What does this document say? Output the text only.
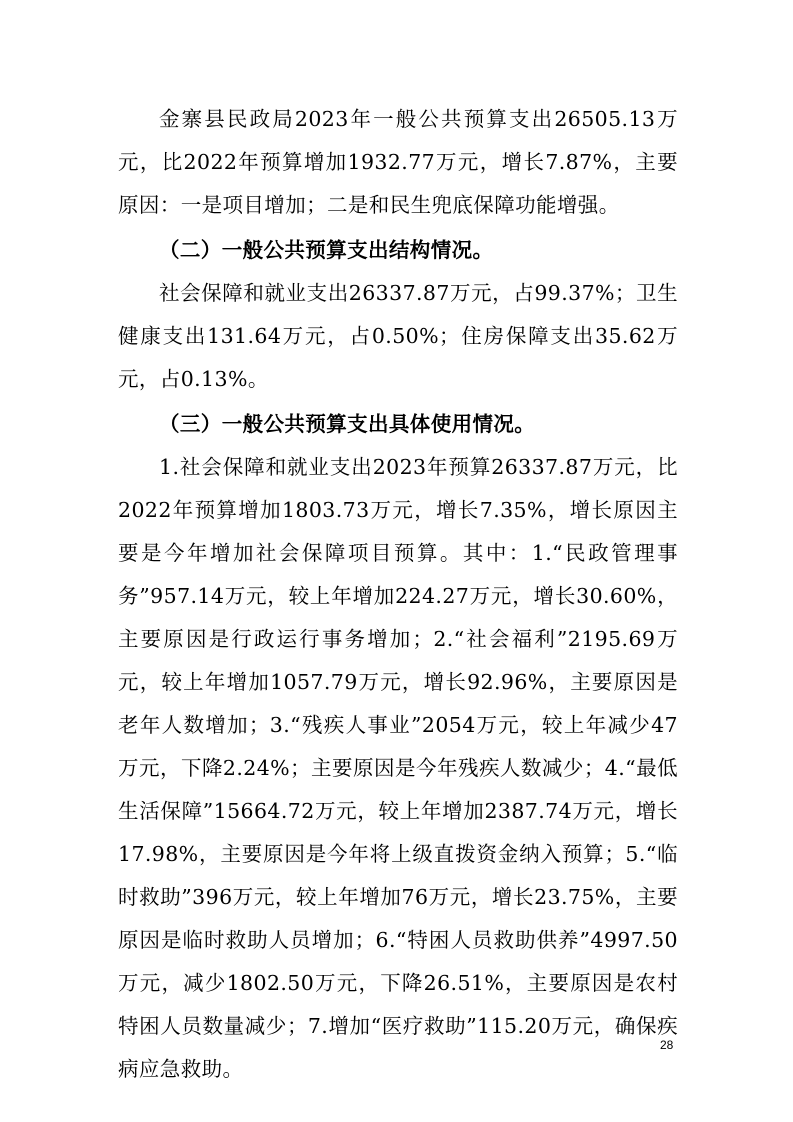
金寨县民政局2023年一般公共预算支出26505.13万元，比2022年预算增加1932.77万元，增长7.87%，主要原因：一是项目增加；二是和民生兜底保障功能增强。

（二）一般公共预算支出结构情况。

社会保障和就业支出26337.87万元，占99.37%；卫生健康支出131.64万元，占0.50%；住房保障支出35.62万元，占0.13%。

（三）一般公共预算支出具体使用情况。

1.社会保障和就业支出2023年预算26337.87万元，比2022年预算增加1803.73万元，增长7.35%，增长原因主要是今年增加社会保障项目预算。其中：1.“民政管理事务”957.14万元，较上年增加224.27万元，增长30.60%，主要原因是行政运行事务增加；2.“社会福利”2195.69万元，较上年增加1057.79万元，增长92.96%，主要原因是老年人数增加；3.“残疾人事业”2054万元，较上年减少47万元，下降2.24%；主要原因是今年残疾人数减少；4.“最低生活保障”15664.72万元，较上年增加2387.74万元，增长17.98%，主要原因是今年将上级直拨资金纳入预算；5.“临时救助”396万元，较上年增加76万元，增长23.75%，主要原因是临时救助人员增加；6.“特困人员救助供养”4997.50万元，减少1802.50万元，下降26.51%，主要原因是农村特困人员数量减少；7.增加“医疗救助”115.20万元，确保疾病应急救助。

28
